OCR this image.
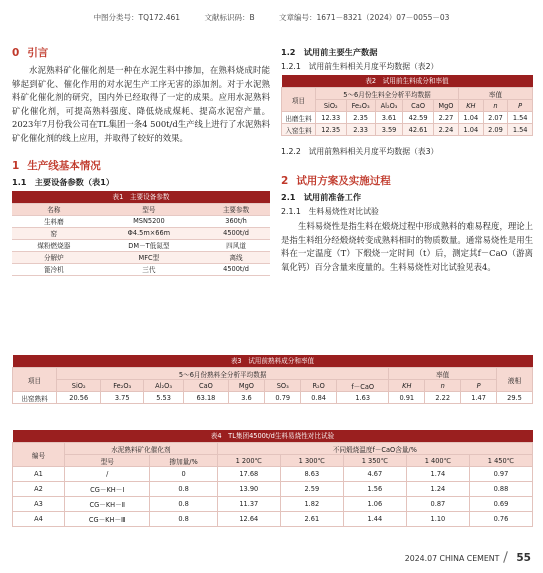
中图分类号：TQ172.461	文献标识码：B	文章编号：1671－8321（2024）07－0055－03
0 引言

水泥熟料矿化催化剂是一种在水泥生料中掺加，在熟料烧成时能够起到矿化、催化作用的对水泥生产工序无害的添加剂。对于水泥熟料矿化催化剂的研究，国内外已经取得了一定的成果。应用水泥熟料矿化催化剂，可提高熟料强度、降低烧成煤耗、提高水泥窑产量。2023年7月份我公司在TL集团一条4 500t/d生产线上进行了水泥熟料矿化催化剂的线上应用，并取得了较好的效果。

1 生产线基本情况
1.1　主要设备参数（表1）
表1　主要设备参数		
名称	型号	主要参数
生料磨	MSN5200	360t/h
窑	Φ4.5m×66m	4500t/d
煤粉燃烧器	DM－T低氮型	四风道
分解炉	MFC型	离线
篦冷机	三代	4500t/d
1.2　试用前主要生产数据
1.2.1　试用前生料相关月度平均数据（表2）
表2　试用前生料成分和率值								
项目	5～6月份生料全分析平均数据					率值		
	SiO₂	Fe₂O₃	Al₂O₃	CaO	MgO	KH	n	P
出磨生料	12.33	2.35	3.61	42.59	2.27	1.04	2.07	1.54
入窑生料	12.35	2.33	3.59	42.61	2.24	1.04	2.09	1.54
1.2.2　试用前熟料相关月度平均数据（表3）
2 试用方案及实施过程
2.1　试用前准备工作
2.1.1　生料易烧性对比试验

生料易烧性是指生料在煅烧过程中形成熟料的难易程度，理论上是指生料组分经煅烧转变成熟料相时的物质数量。通常易烧性是用生料在一定温度（T）下煅烧一定时间（t）后，测定其f－CaO（游离氧化钙）百分含量来度量的。生料易烧性对比试验见表4。

表3　试用前熟料成分和率值												
项目	5～6月份熟料全分析平均数据								率值			液相
	SiO₂	Fe₂O₃	Al₂O₃	CaO	MgO	SO₃	R₂O	f－CaO	KH	n	P	
出窑熟料	20.56	3.75	5.53	63.18	3.6	0.79	0.84	1.63	0.91	2.22	1.47	29.5
表4　TL集团4500t/d生料易烧性对比试验							
编号	水泥熟料矿化催化剂		不同煅烧温度f－CaO含量/%				
	型号	掺加量/%	1 200℃	1 300℃	1 350℃	1 400℃	1 450℃
A1	/	0	17.68	8.63	4.67	1.74	0.97
A2	CG－KH－Ⅰ	0.8	13.90	2.59	1.56	1.24	0.88
A3	CG－KH－Ⅱ	0.8	11.37	1.82	1.06	0.87	0.69
A4	CG－KH－Ⅲ	0.8	12.64	2.61	1.44	1.10	0.76
2024.07 CHINA CEMENT 55
